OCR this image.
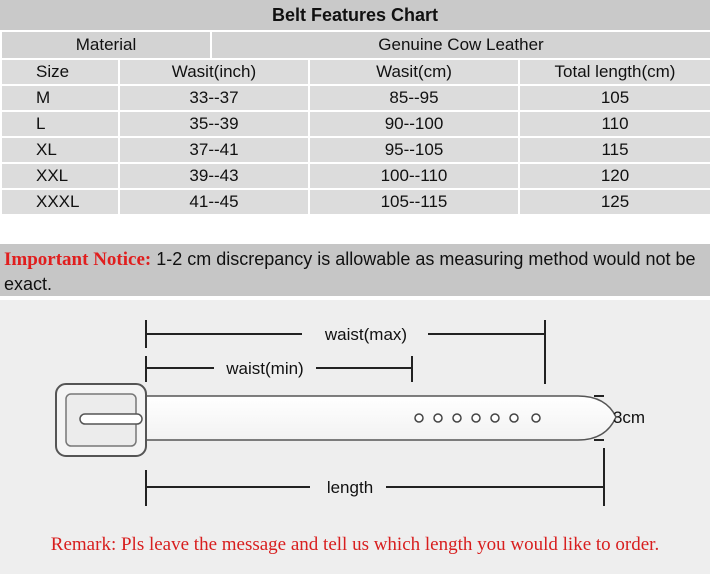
Belt Features Chart
Material		Genuine Cow Leather		
Size	Wasit(inch)		Wasit(cm)	Total length(cm)
M	33--37		85--95	105
L	35--39		90--100	110
XL	37--41		95--105	115
XXL	39--43		100--110	120
XXXL	41--45		105--115	125
Important Notice: 1-2 cm discrepancy is allowable as measuring method would not be exact.
waist(max)
waist(min)
3cm
length
Remark: Pls leave the message and tell us which length you would like to order.
